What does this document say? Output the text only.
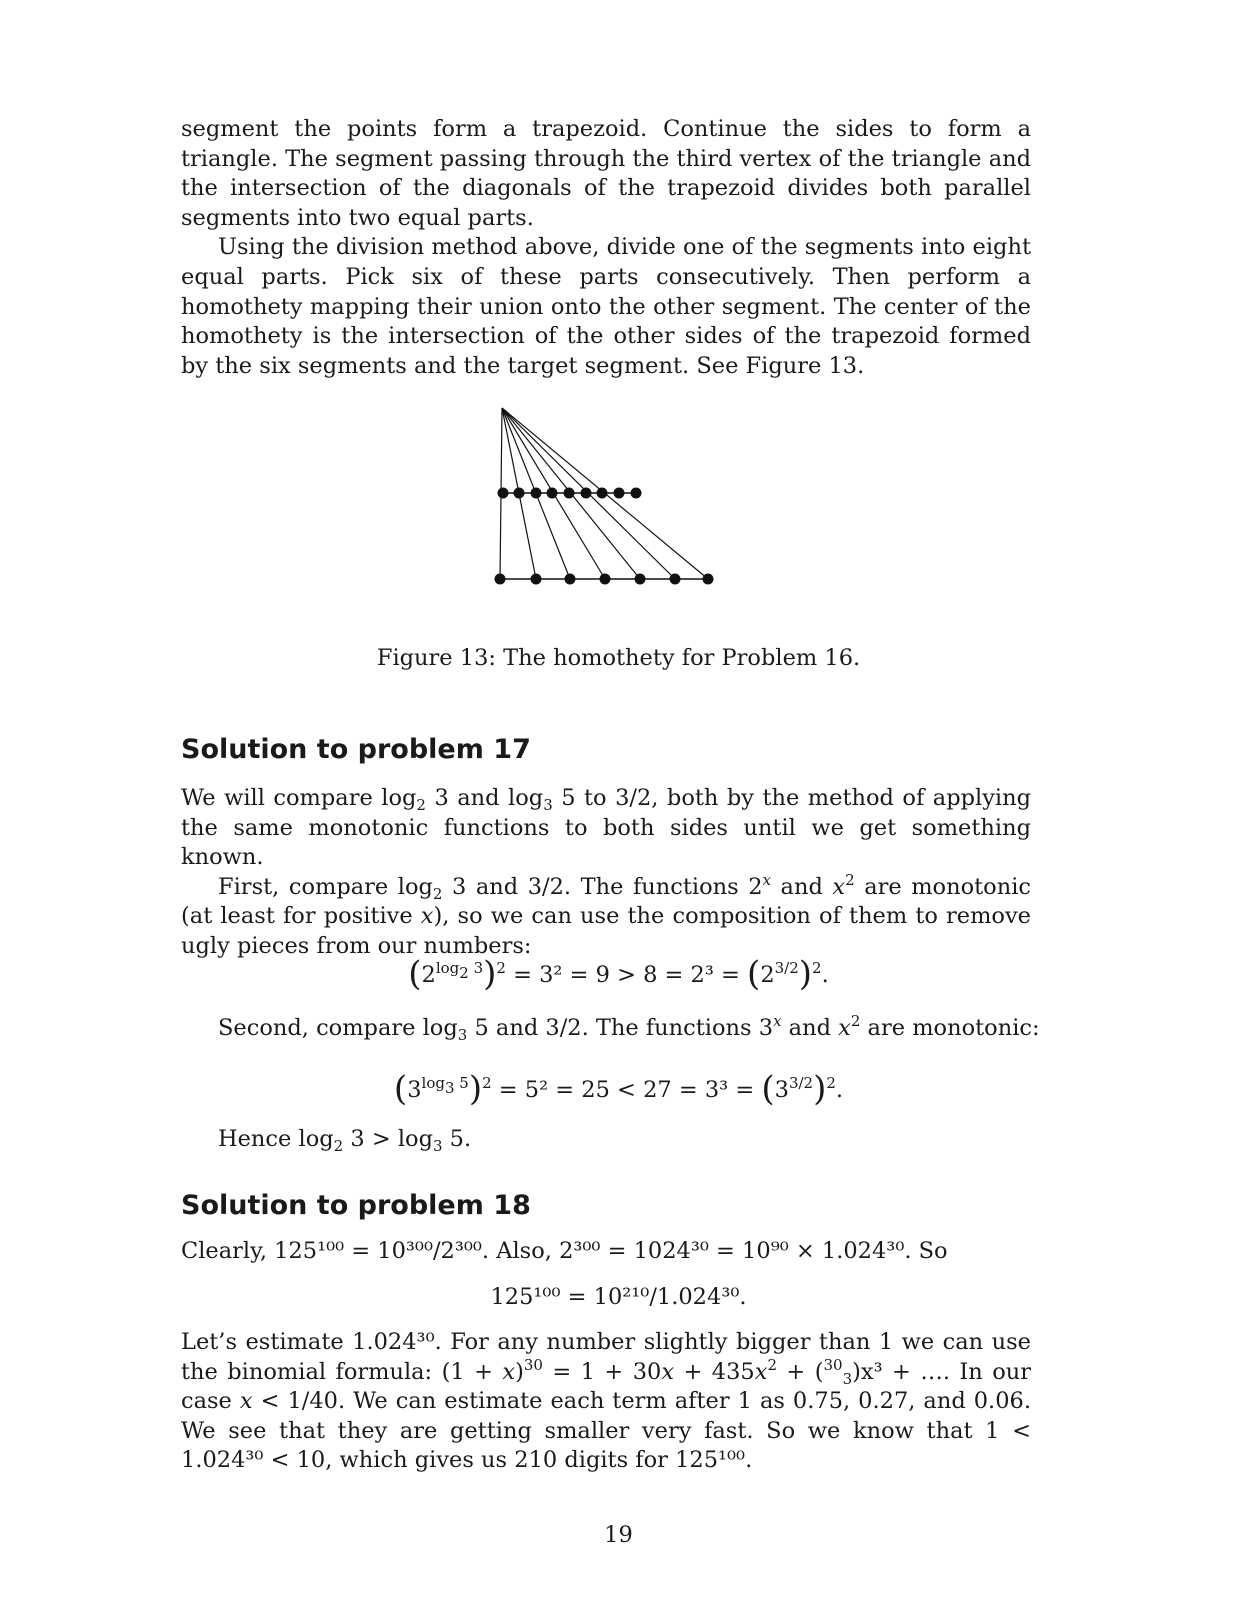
segment the points form a trapezoid. Continue the sides to form a triangle. The segment passing through the third vertex of the triangle and the intersection of the diagonals of the trapezoid divides both parallel segments into two equal parts.

Using the division method above, divide one of the segments into eight equal parts. Pick six of these parts consecutively. Then perform a homothety mapping their union onto the other segment. The center of the homothety is the intersection of the other sides of the trapezoid formed by the six segments and the target segment. See Figure 13.

Figure 13: The homothety for Problem 16.
Solution to problem 17

We will compare $\log_2 3$ and $\log_3 5$ to 3/2, both by the method of applying the same monotonic functions to both sides until we get something known.

First, compare $\log_2 3$ and 3/2. The functions 2$^x$ and $x^2$ are monotonic (at least for positive x), so we can use the composition of them to remove ugly pieces from our numbers:

$(2^{log_2 3})^2 = 3^2 = 9 > 8 = 2^3 = (2^{3/2})^2$.
Second, compare $\log_3 5$ and 3/2. The functions 3$^x$ and $x^2$ are monotonic:
$(3^{log_3 5})^2 = 5^2 = 25 < 27 = 3^3 = (3^{3/2})^2$.
Hence $\log_2 3 > \log_3 5$.
Solution to problem 18
Clearly, 125¹⁰⁰ = 10³⁰⁰/2³⁰⁰. Also, 2³⁰⁰ = 1024³⁰ = 10⁹⁰ × 1.024³⁰. So
125¹⁰⁰ = 10²¹⁰/1.024³⁰.

Let’s estimate 1.024³⁰. For any number slightly bigger than 1 we can use the binomial formula: $(1 + x)^{30} = 1 + 30x + 435x^2 + (^{30}_3)x^3$ + …. In our case x < 1/40. We can estimate each term after 1 as 0.75, 0.27, and 0.06. We see that they are getting smaller very fast. So we know that 1 < 1.024³⁰ < 10, which gives us 210 digits for 125¹⁰⁰.

19
